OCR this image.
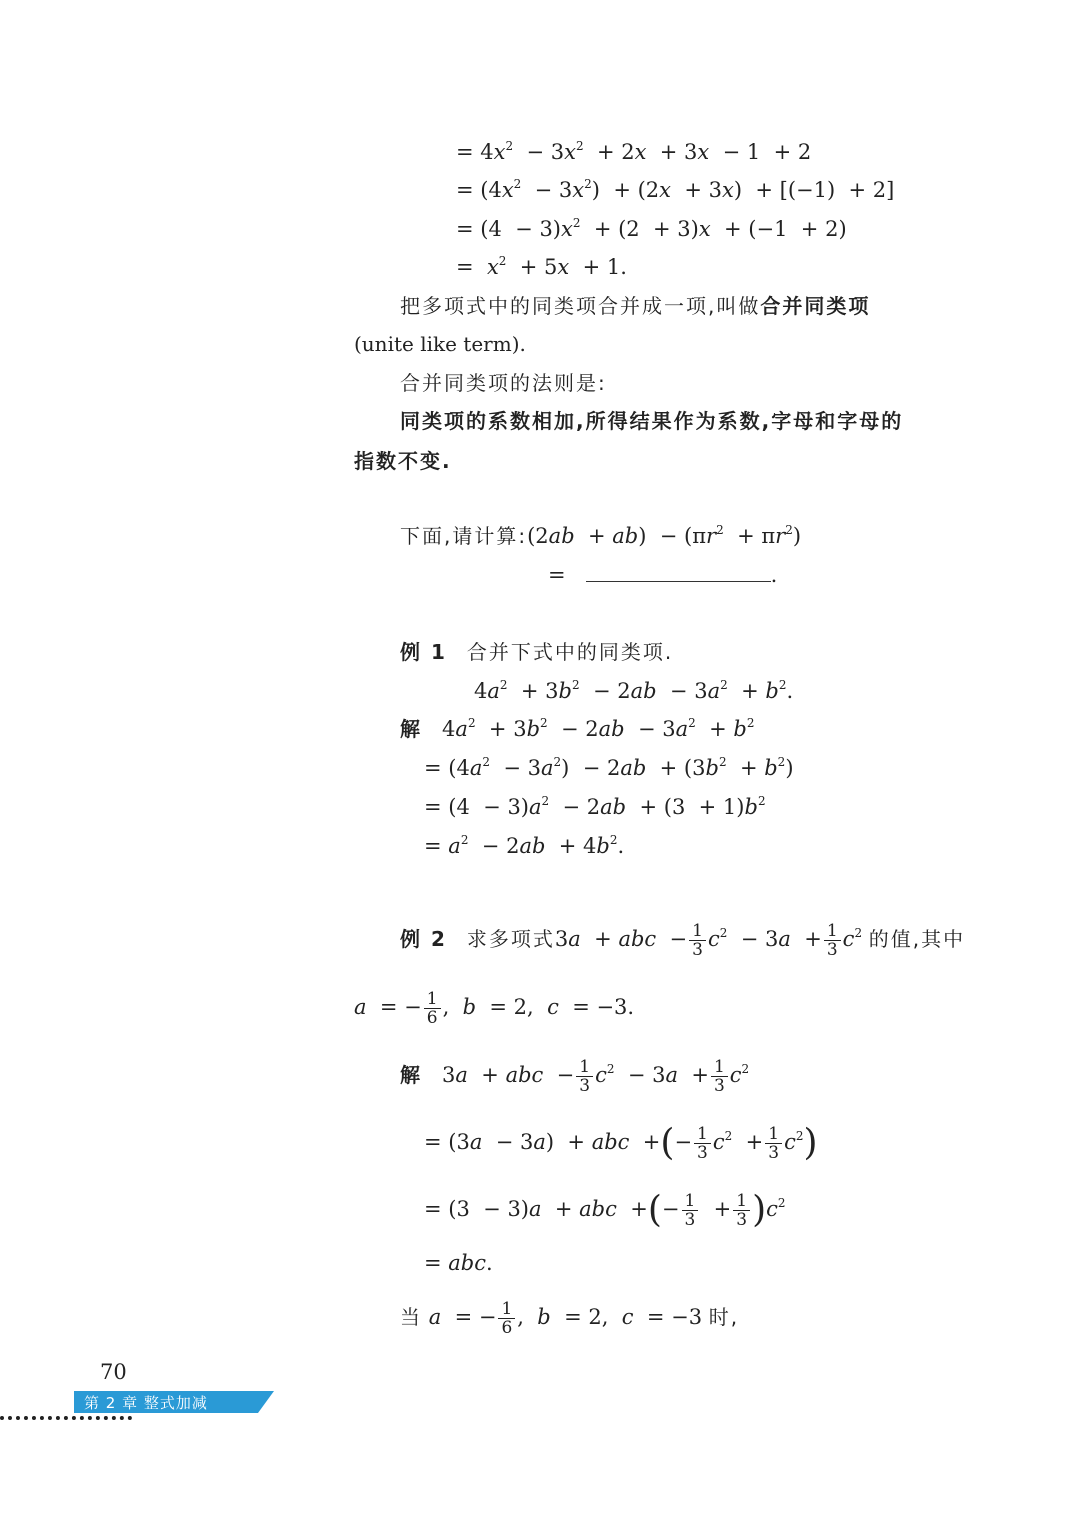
= $4x^2 - 3x^2 + 2x + 3x - 1 + 2$
= $(4x^2 - 3x^2) + (2x + 3x) + [(-1) + 2]$
= $(4 - 3)x^2 + (2 + 3)x + (-1 + 2)$
=  $x^2 + 5x + 1$.
把多项式中的同类项合并成一项,叫做合并同类项
(unite like term).
合并同类项的法则是:
同类项的系数相加,所得结果作为系数,字母和字母的
指数不变.
下面,请计算:(2ab  + $ab) - (\pi r^2 + \pi r^2)$
=	.
例 1 合并下式中的同类项.
$4a^2 + 3b^2 - 2ab - 3a^2 + b^2$.
解 $4a^2 + 3b^2 - 2ab - 3a^2 + b^2$
= $(4a^2 - 3a^2) - 2ab + (3b^2 + b^2)$
= $(4 - 3)a^2 - 2ab + (3 + 1)b^2$
= $a^2 - 2ab + 4b^2$.
例 2 求多项式3a  + abc  − $\frac{1}{3} c^2 - 3a + \frac{1}{3} c^2$ 的值,其中
a  = − $\frac{1}{6}$ ,  b  = 2,  c  = −3.
解 3a  + abc  − $\frac{1}{3} c^2 - 3a + \frac{1}{3} c^2$
= (3a  − 3a)  + abc  +(− $\frac{1}{3} c^2 + \frac{1}{3} c^2$)
= (3  − 3)a  + abc  +(− $\frac{1}{3} + \frac{1}{3} )c^2$
= abc.
当 a  = − $\frac{1}{6}$ ,  b  = 2,  c  = −3 时,
70
第 2 章 整式加减
